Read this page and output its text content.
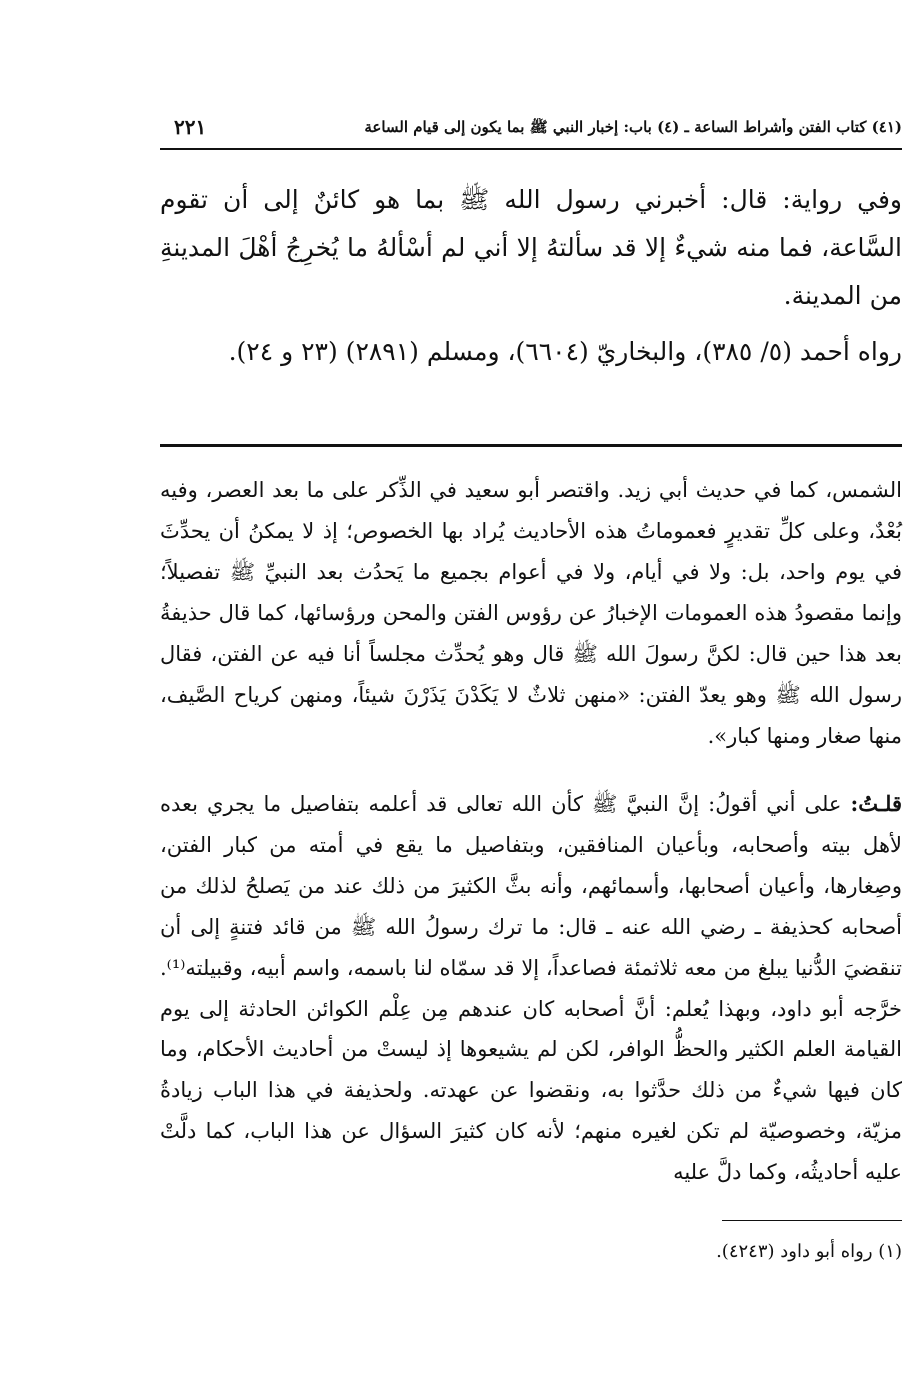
(٤١) كتاب الفتن وأشراط الساعة ـ (٤) باب: إخبار النبي ﷺ بما يكون إلى قيام الساعة
٢٢١
وفي رواية: قال: أخبرني رسول الله ﷺ بما هو كائنٌ إلى أن تقوم السَّاعة، فما منه شيءٌ إلا قد سألتهُ إلا أني لم أسْألهُ ما يُخرِجُ أهْلَ المدينةِ من المدينة.
رواه أحمد (٥/ ٣٨٥)، والبخاريّ (٦٦٠٤)، ومسلم (٢٨٩١) (٢٣ و ٢٤).
الشمس، كما في حديث أبي زيد. واقتصر أبو سعيد في الذِّكر على ما بعد العصر، وفيه بُعْدٌ، وعلى كلِّ تقديرٍ فعموماتُ هذه الأحاديث يُراد بها الخصوص؛ إذ لا يمكنُ أن يحدِّثَ في يوم واحد، بل: ولا في أيام، ولا في أعوام بجميع ما يَحدُث بعد النبيِّ ﷺ تفصيلاً؛ وإنما مقصودُ هذه العمومات الإخبارُ عن رؤوس الفتن والمحن ورؤسائها، كما قال حذيفةُ بعد هذا حين قال: لكنَّ رسولَ الله ﷺ قال وهو يُحدِّث مجلساً أنا فيه عن الفتن، فقال رسول الله ﷺ وهو يعدّ الفتن: «منهن ثلاثٌ لا يَكَدْنَ يَذَرْنَ شيئاً، ومنهن كرياح الصَّيف، منها صغار ومنها كبار».
قلـتُ: على أني أقولُ: إنَّ النبيَّ ﷺ كأن الله تعالى قد أعلمه بتفاصيل ما يجري بعده لأهل بيته وأصحابه، وبأعيان المنافقين، وبتفاصيل ما يقع في أمته من كبار الفتن، وصِغارها، وأعيان أصحابها، وأسمائهم، وأنه بثَّ الكثيرَ من ذلك عند من يَصلحُ لذلك من أصحابه كحذيفة ـ رضي الله عنه ـ قال: ما ترك رسولُ الله ﷺ من قائد فتنةٍ إلى أن تنقضيَ الدُّنيا يبلغ من معه ثلاثمئة فصاعداً، إلا قد سمّاه لنا باسمه، واسم أبيه، وقبيلته⁽¹⁾. خرَّجه أبو داود، وبهذا يُعلم: أنَّ أصحابه كان عندهم مِن عِلْم الكوائن الحادثة إلى يوم القيامة العلم الكثير والحظُّ الوافر، لكن لم يشيعوها إذ ليستْ من أحاديث الأحكام، وما كان فيها شيءٌ من ذلك حدَّثوا به، ونقضوا عن عهدته. ولحذيفة في هذا الباب زيادةُ مزيّة، وخصوصيّة لم تكن لغيره منهم؛ لأنه كان كثيرَ السؤال عن هذا الباب، كما دلَّتْ عليه أحاديثُه، وكما دلَّ عليه
(١) رواه أبو داود (٤٢٤٣).
